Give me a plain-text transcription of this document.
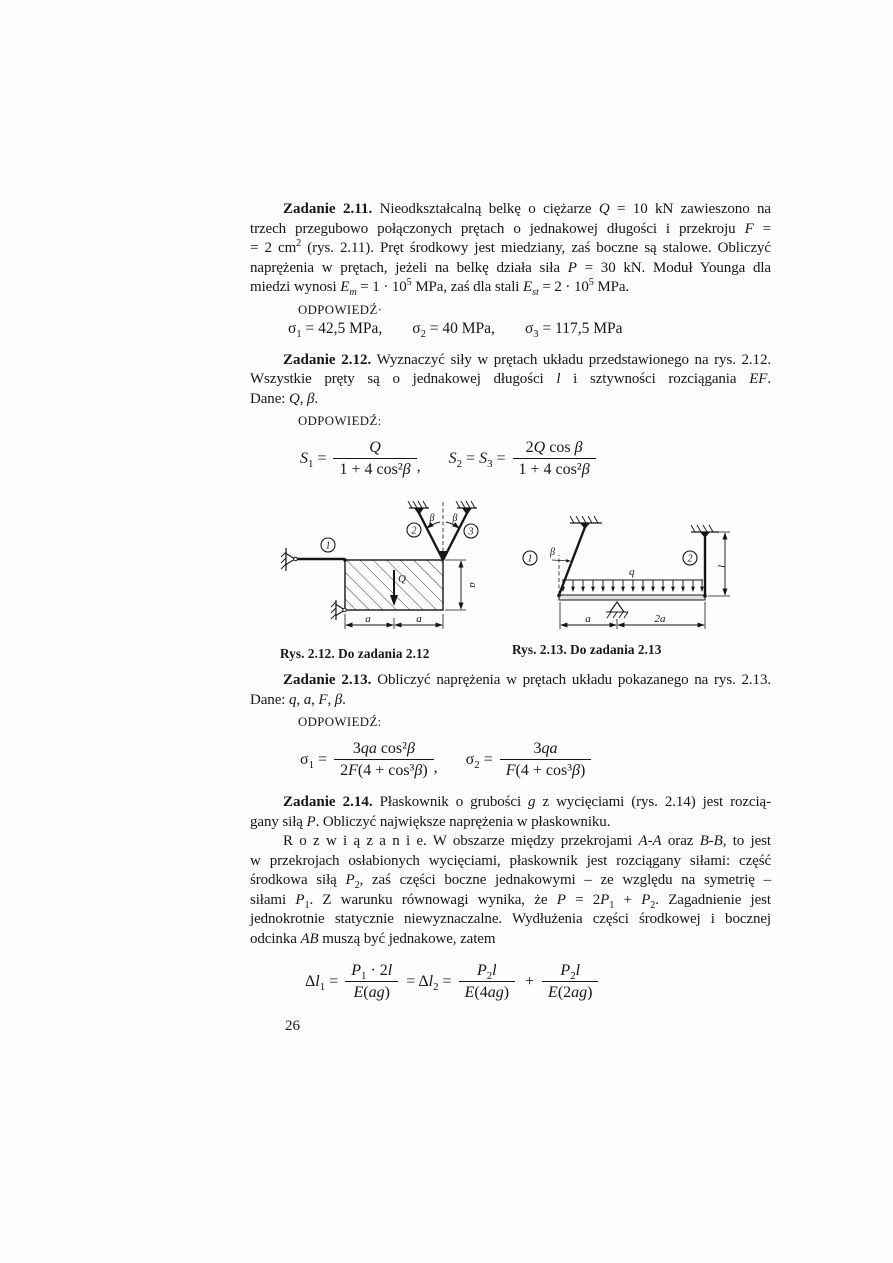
Zadanie 2.11. Nieodkształcalną belkę o ciężarze Q = 10 kN zawieszono na
trzech przegubowo połączonych prętach o jednakowej długości i przekroju F =
= 2 $cm^2$ (rys. 2.11). Pręt środkowy jest miedziany, zaś boczne są stalowe. Obliczyć
naprężenia w prętach, jeżeli na belkę działa siła P = 30 kN. Moduł Younga dla
miedzi wynosi $E_m = 1 \cdot 10^5$ MPa, zaś dla stali $E_{st} = 2 \cdot 10^5$ MPa.
ODPOWIEDŹ·
$\sigma_1 = 42,5$ MPa, $\sigma_2 = 40$ MPa, $\sigma_3 = 117,5$ MPa
Zadanie 2.12. Wyznaczyć siły w prętach układu przedstawionego na rys. 2.12.
Wszystkie pręty są o jednakowej długości l i sztywności rozciągania EF.
Dane: Q, β.
ODPOWIEDŹ:
$S_1 = \frac{Q}{\text{1 + 4 cos²β}}$ , $S_2 = S_3 = \frac{\text{2Q cos β}}{\text{1 + 4 cos²β}}$
1
β β
2	3
Q	a
a	a
Rys. 2.12. Do zadania 2.12
1
β
q
2
l
a	2a
Rys. 2.13. Do zadania 2.13
Zadanie 2.13. Obliczyć naprężenia w prętach układu pokazanego na rys. 2.13.
Dane: q, a, F, β.
ODPOWIEDŹ:
$\sigma_1 = \frac{\text{3qa cos²β}}{\text{2F(4 + cos³β)}}$ , $\sigma_2 = \frac{3qa}{\text{F(4 + cos³β)}}$
Zadanie 2.14. Płaskownik o grubości g z wycięciami (rys. 2.14) jest rozcią-
gany siłą P. Obliczyć największe naprężenia w płaskowniku.
R o z w i ą z a n i e. W obszarze między przekrojami A-A oraz B-B, to jest
w przekrojach osłabionych wycięciami, płaskownik jest rozciągany siłami: część
środkowa siłą $P_2$, zaś części boczne jednakowymi – ze względu na symetrię –
siłami $P_1$. Z warunku równowagi wynika, że $P = 2P_1 + P_2$. Zagadnienie jest
jednokrotnie statycznie niewyznaczalne. Wydłużenia części środkowej i bocznej
odcinka AB muszą być jednakowe, zatem
$\Delta l_1 = \frac{P_1 \cdot 2l}{E(ag)} = \Delta l_2 = \frac{P_2l}{E(4ag)} + \frac{P_2l}{E(2ag)}$
26
